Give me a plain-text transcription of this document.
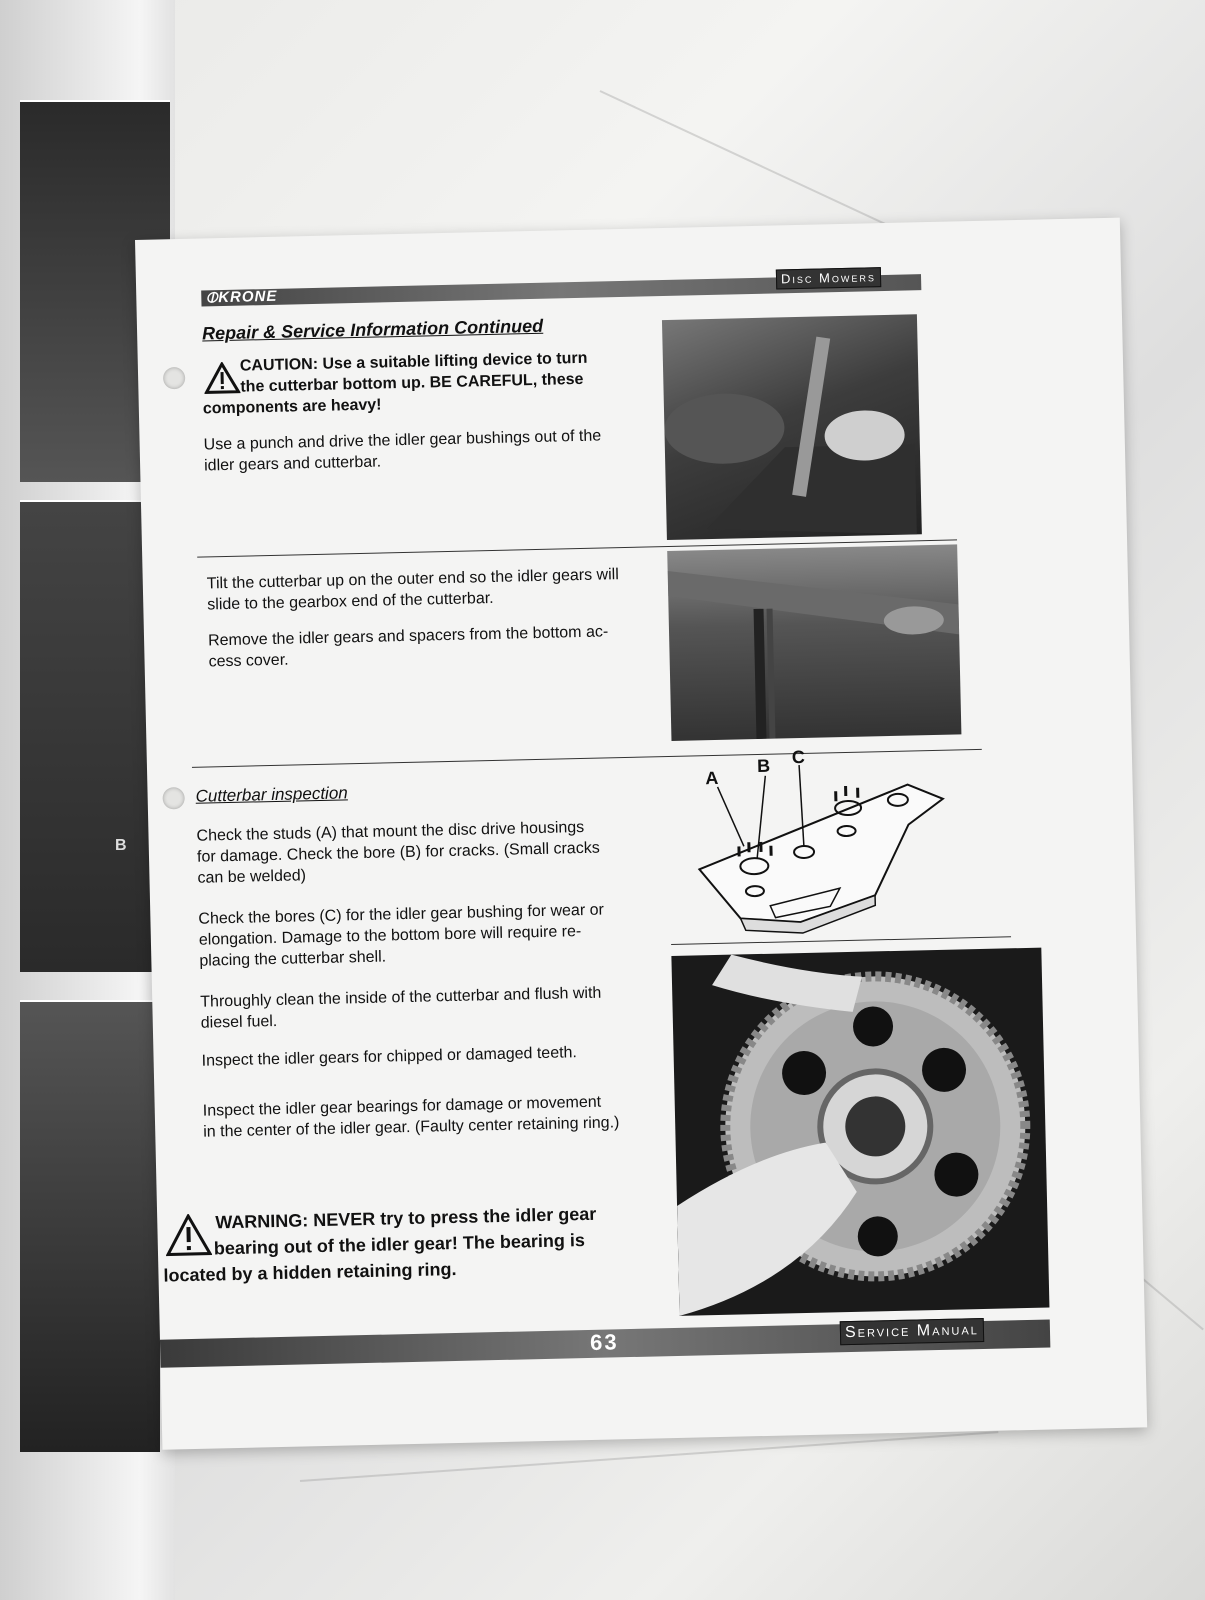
B
⦶KRONE
Disc Mowers
Repair & Service Information Continued
CAUTION: Use a suitable lifting device to turn
the cutterbar bottom up. BE CAREFUL, these
components are heavy!
Use a punch and drive the idler gear bushings out of the
idler gears and cutterbar.
Tilt the cutterbar up on the outer end so the idler gears will
slide to the gearbox end of the cutterbar.
Remove the idler gears and spacers from the bottom ac-
cess cover.
Cutterbar inspection
Check the studs (A) that mount the disc drive housings
for damage. Check the bore (B) for cracks. (Small cracks
can be welded)
Check the bores (C) for the idler gear bushing for wear or
elongation. Damage to the bottom bore will require re-
placing the cutterbar shell.
Throughly clean the inside of the cutterbar and flush with
diesel fuel.
Inspect the idler gears for chipped or damaged teeth.
Inspect the idler gear bearings for damage or movement
in the center of the idler gear. (Faulty center retaining ring.)
A
B C
WARNING: NEVER try to press the idler gear
bearing out of the idler gear! The bearing is
located by a hidden retaining ring.
63	Service Manual
